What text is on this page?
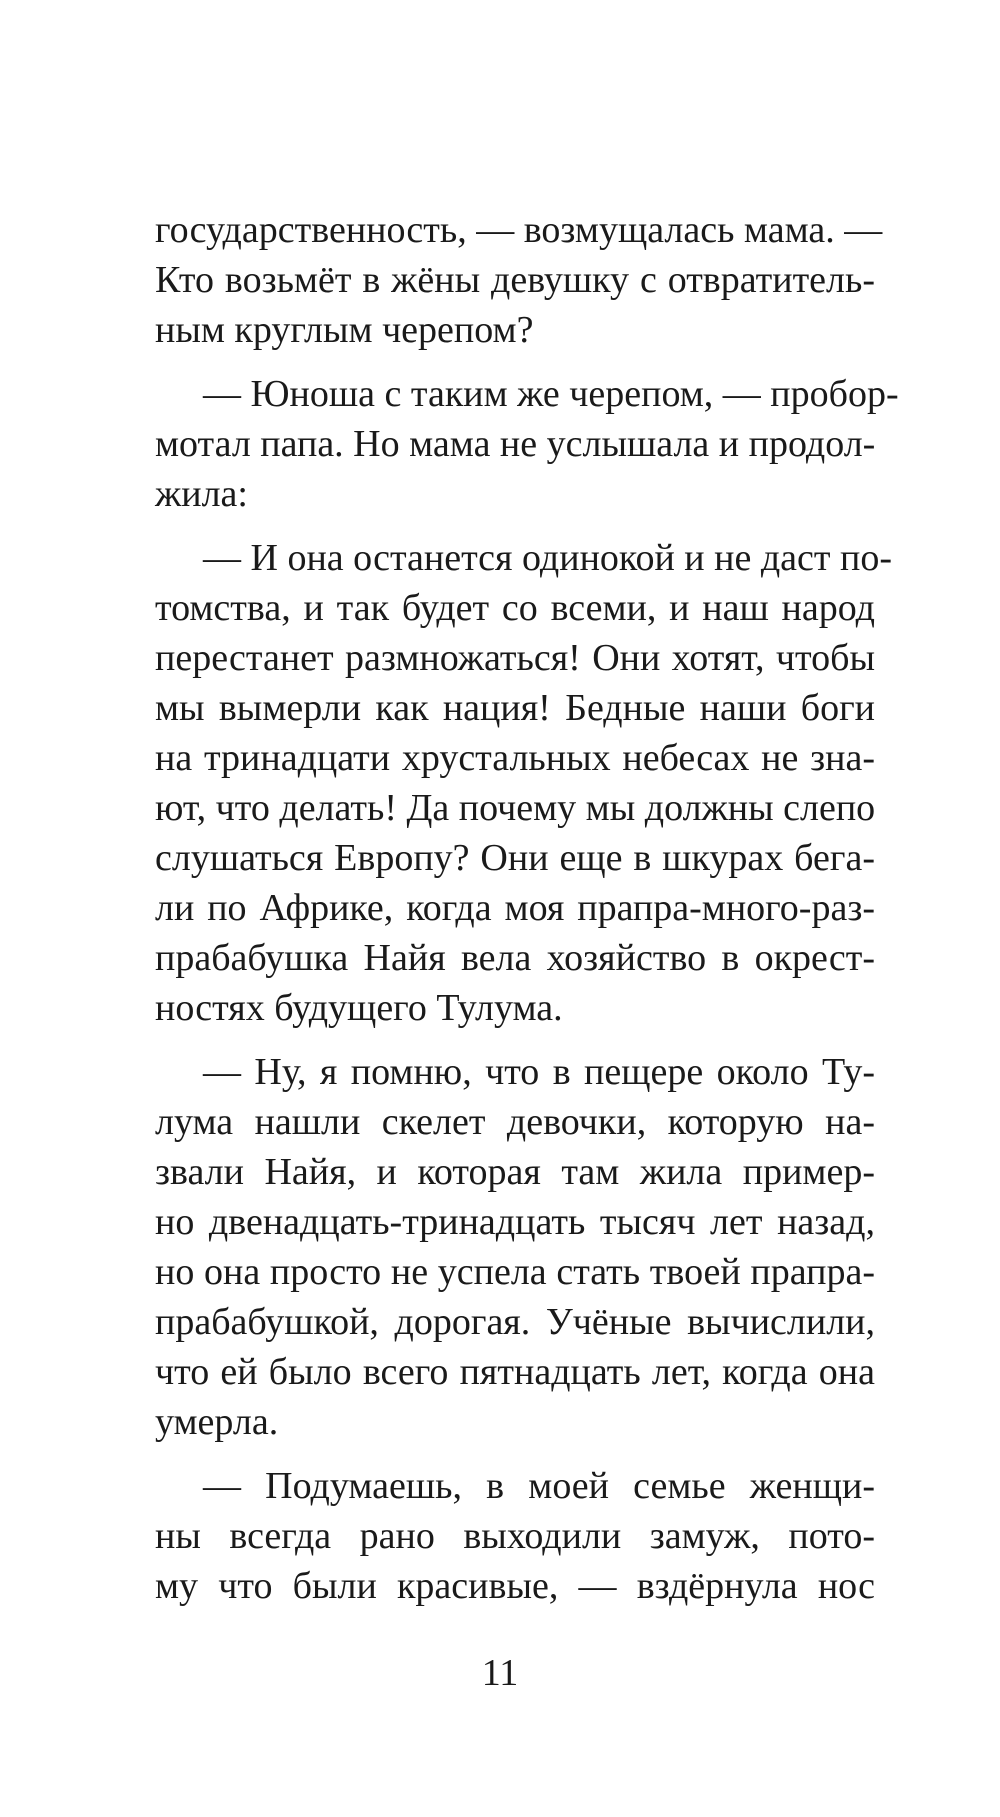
государственность, — возмущалась мама. —
Кто возьмёт в жёны девушку с отвратитель-
ным круглым черепом?
— Юноша с таким же черепом, — пробор-
мотал папа. Но мама не услышала и продол-
жила:
— И она останется одинокой и не даст по-
томства, и так будет со всеми, и наш народ
перестанет размножаться! Они хотят, чтобы
мы вымерли как нация! Бедные наши боги
на тринадцати хрустальных небесах не зна-
ют, что делать! Да почему мы должны слепо
слушаться Европу? Они еще в шкурах бега-
ли по Африке, когда моя прапра-много-раз-
прабабушка Найя вела хозяйство в окрест-
ностях будущего Тулума.
— Ну, я помню, что в пещере около Ту-
лума нашли скелет девочки, которую на-
звали Найя, и которая там жила пример-
но двенадцать-тринадцать тысяч лет назад,
но она просто не успела стать твоей прапра-
прабабушкой, дорогая. Учёные вычислили,
что ей было всего пятнадцать лет, когда она
умерла.
— Подумаешь, в моей семье женщи-
ны всегда рано выходили замуж, пото-
му что были красивые, — вздёрнула нос
11
